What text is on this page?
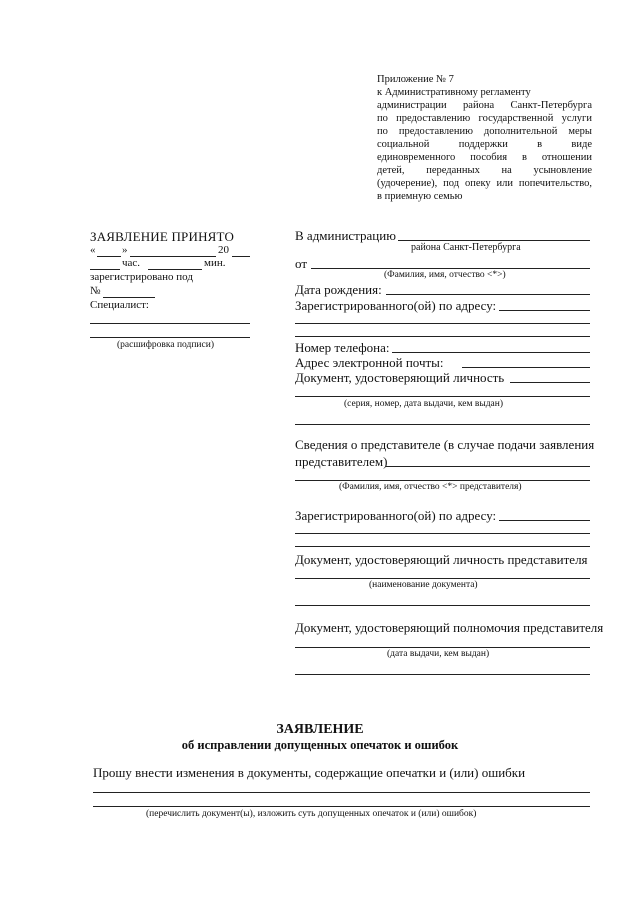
Приложение № 7
к Административному регламенту
администрации района Санкт-Петербурга
по предоставлению государственной услуги
по предоставлению дополнительной меры
социальной поддержки в виде
единовременного пособия в отношении
детей, переданных на усыновление
(удочерение), под опеку или попечительство,
в приемную семью
ЗАЯВЛЕНИЕ ПРИНЯТО
« »	20
час.	мин.
зарегистрировано под
№
Специалист:
(расшифровка подписи)
В администрацию
района Санкт-Петербурга
от
(Фамилия, имя, отчество <*>)
Дата рождения:
Зарегистрированного(ой) по адресу:
Номер телефона:
Адрес электронной почты:
Документ, удостоверяющий личность
(серия, номер, дата выдачи, кем выдан)
Сведения о представителе (в случае подачи заявления
представителем)
(Фамилия, имя, отчество <*> представителя)
Зарегистрированного(ой) по адресу:
Документ, удостоверяющий личность представителя
(наименование документа)
Документ, удостоверяющий полномочия представителя
(дата выдачи, кем выдан)
ЗАЯВЛЕНИЕ
об исправлении допущенных опечаток и ошибок
Прошу внести изменения в документы, содержащие опечатки и (или) ошибки
(перечислить документ(ы), изложить суть допущенных опечаток и (или) ошибок)
